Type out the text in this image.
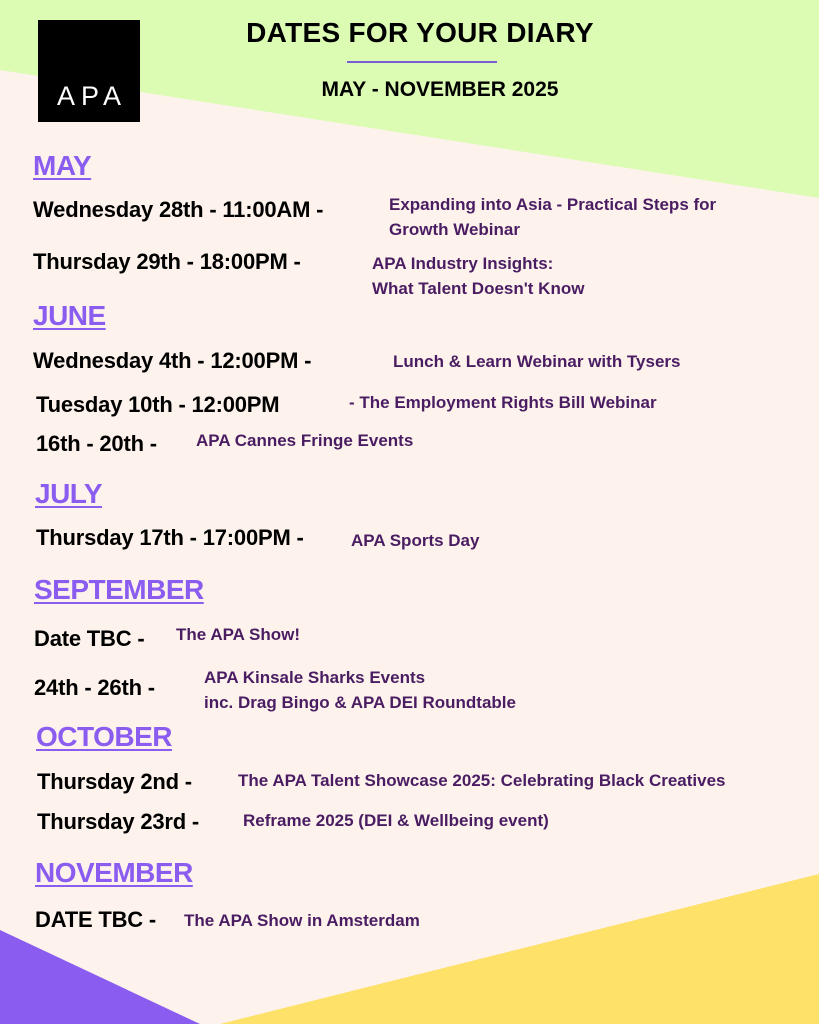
APA
DATES FOR YOUR DIARY
MAY - NOVEMBER 2025
MAY
Wednesday 28th - 11:00AM -	Expanding into Asia - Practical Steps for
Growth Webinar
Thursday 29th - 18:00PM -	APA Industry Insights:
What Talent Doesn't Know
JUNE
Wednesday 4th - 12:00PM -	Lunch & Learn Webinar with Tysers
Tuesday 10th - 12:00PM	- The Employment Rights Bill Webinar
16th - 20th - APA Cannes Fringe Events
JULY
Thursday 17th - 17:00PM -	APA Sports Day
SEPTEMBER
Date TBC - The APA Show!
24th - 26th -	APA Kinsale Sharks Events
inc. Drag Bingo & APA DEI Roundtable
OCTOBER
Thursday 2nd -	The APA Talent Showcase 2025: Celebrating Black Creatives
Thursday 23rd -	Reframe 2025 (DEI & Wellbeing event)
NOVEMBER
DATE TBC - The APA Show in Amsterdam
